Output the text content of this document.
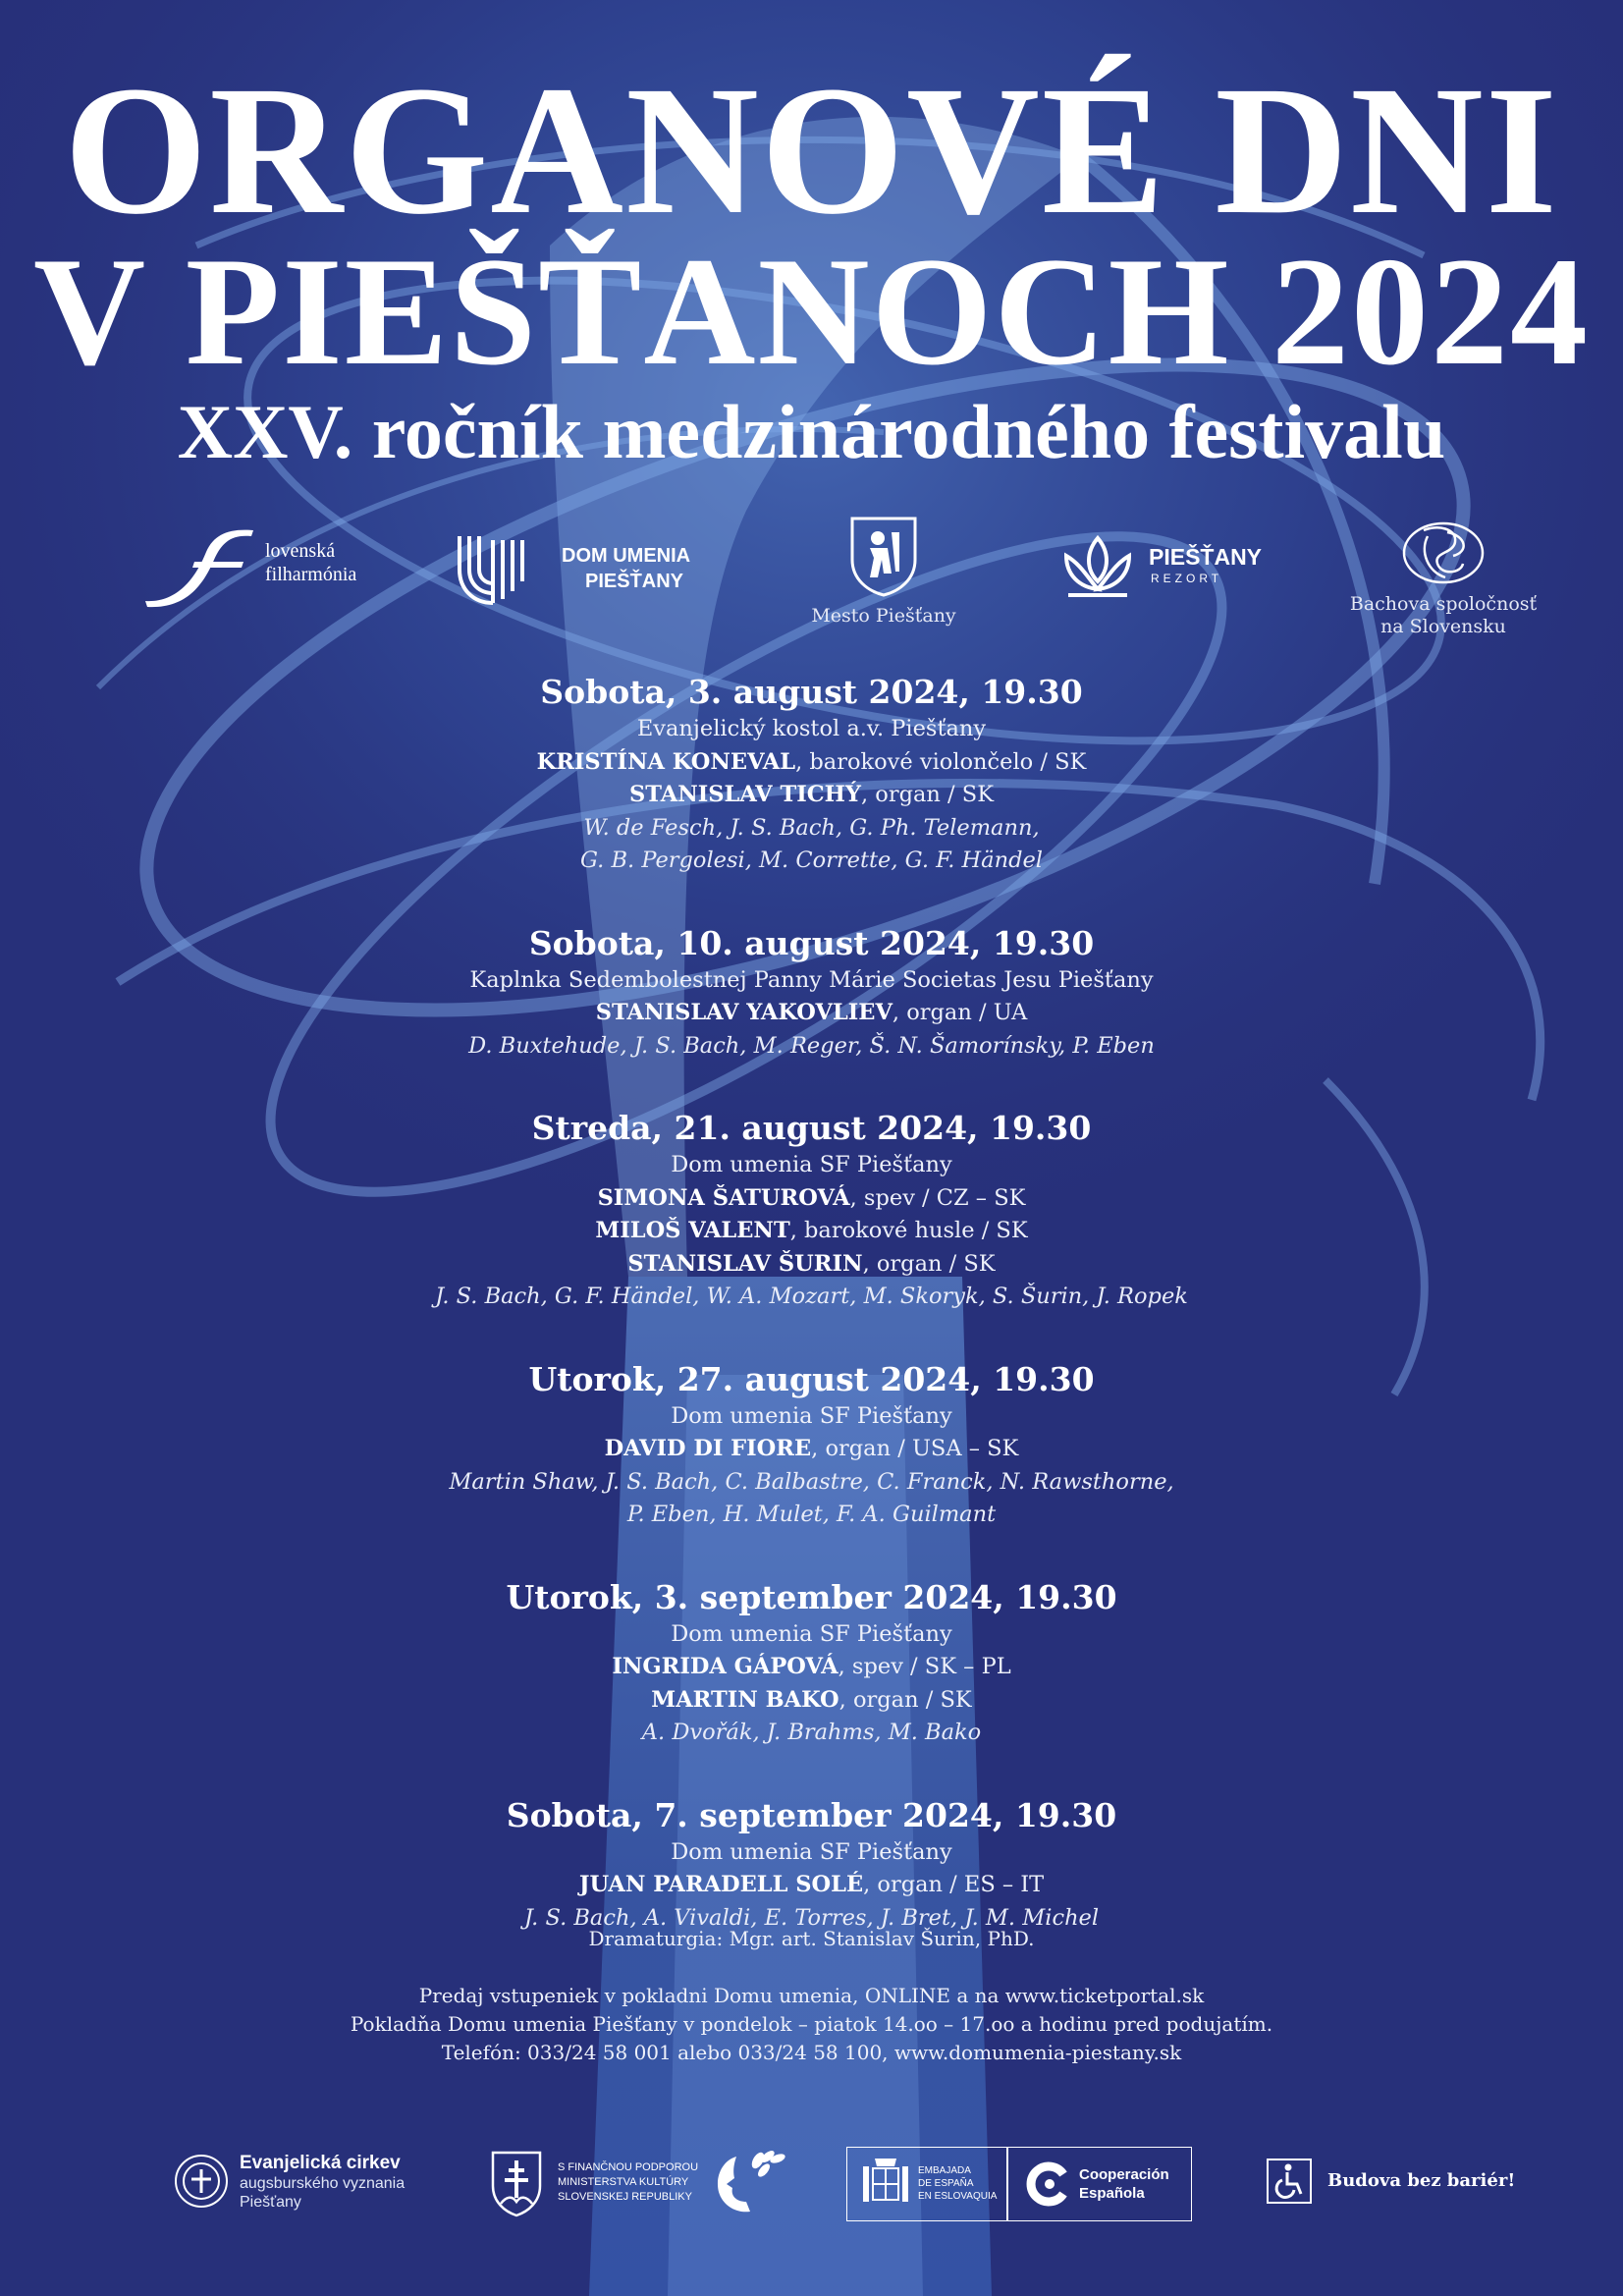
ORGANOVÉ DNI
V PIEŠŤANOCH 2024
XXV. ročník medzinárodného festivalu
lovenská
filharmónia
DOM UMENIA
PIEŠŤANY
Mesto Piešťany
PIEŠŤANY
REZORT
Bachova spoločnosť
na Slovensku
Sobota, 3. august 2024, 19.30
Evanjelický kostol a.v. Piešťany
KRISTÍNA KONEVAL, barokové violončelo / SK
STANISLAV TICHÝ, organ / SK
W. de Fesch, J. S. Bach, G. Ph. Telemann,
G. B. Pergolesi, M. Corrette, G. F. Händel
Sobota, 10. august 2024, 19.30
Kaplnka Sedembolestnej Panny Márie Societas Jesu Piešťany
STANISLAV YAKOVLIEV, organ / UA
D. Buxtehude, J. S. Bach, M. Reger, Š. N. Šamorínsky, P. Eben
Streda, 21. august 2024, 19.30
Dom umenia SF Piešťany
SIMONA ŠATUROVÁ, spev / CZ – SK
MILOŠ VALENT, barokové husle / SK
STANISLAV ŠURIN, organ / SK
J. S. Bach, G. F. Händel, W. A. Mozart, M. Skoryk, S. Šurin, J. Ropek
Utorok, 27. august 2024, 19.30
Dom umenia SF Piešťany
DAVID DI FIORE, organ / USA – SK
Martin Shaw, J. S. Bach, C. Balbastre, C. Franck, N. Rawsthorne,
P. Eben, H. Mulet, F. A. Guilmant
Utorok, 3. september 2024, 19.30
Dom umenia SF Piešťany
INGRIDA GÁPOVÁ, spev / SK – PL
MARTIN BAKO, organ / SK
A. Dvořák, J. Brahms, M. Bako
Sobota, 7. september 2024, 19.30
Dom umenia SF Piešťany
JUAN PARADELL SOLÉ, organ / ES – IT
J. S. Bach, A. Vivaldi, E. Torres, J. Bret, J. M. Michel
Dramaturgia: Mgr. art. Stanislav Šurin, PhD.
Predaj vstupeniek v pokladni Domu umenia, ONLINE a na www.ticketportal.sk
Pokladňa Domu umenia Piešťany v pondelok – piatok 14.oo – 17.oo a hodinu pred podujatím.
Telefón: 033/24 58 001 alebo 033/24 58 100, www.domumenia-piestany.sk
Evanjelická cirkev
augsburského vyznania
Piešťany
S FINANČNOU PODPOROU
MINISTERSTVA KULTÚRY
SLOVENSKEJ REPUBLIKY
EMBAJADA
DE ESPAÑA
EN ESLOVAQUIA
Cooperación
Española
Budova bez bariér!
